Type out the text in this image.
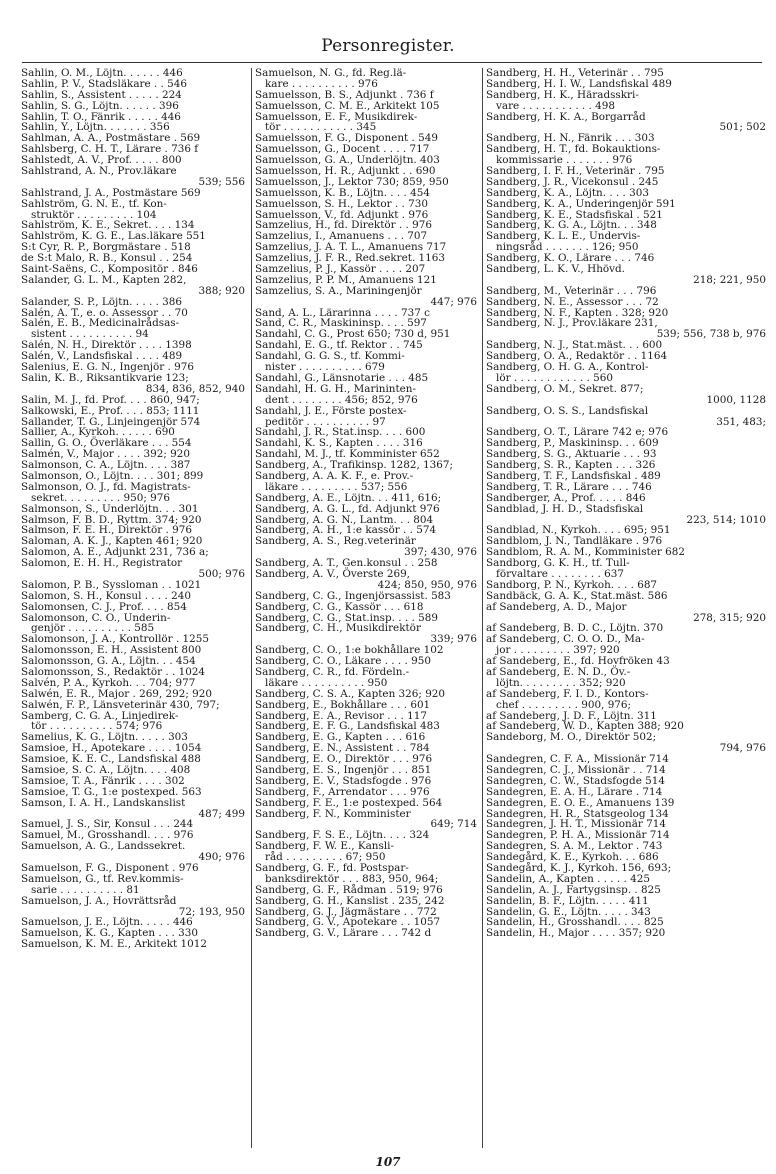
Personregister.
Sahlin, O. M., Löjtn. . . . . . 446
Sahlin, P. V., Stadsläkare . . 546
Sahlin, S., Assistent . . . . . 224
Sahlin, S. G., Löjtn. . . . . . 396
Sahlin, T. O., Fänrik . . . . . 446
Sahlin, Y., Löjtn. . . . . . . 356
Sahlman, A. A., Postmästare . 569
Sahlsberg, C. H. T., Lärare . 736 f
Sahlstedt, A. V., Prof. . . . . 800
Sahlstrand, A. N., Prov.läkare
539; 556
Sahlstrand, J. A., Postmästare 569
Sahlström, G. N. E., tf. Kon-
struktör . . . . . . . . . 104
Sahlström, K. E., Sekret. . . . 134
Sahlström, K. G. E., Las.läkare 551
S:t Cyr, R. P., Borgmästare . 518
de S:t Malo, R. B., Konsul . . 254
Saint-Saëns, C., Kompositör . 846
Salander, G. L. M., Kapten 282,
388; 920
Salander, S. P., Löjtn. . . . . 386
Salén, A. T., e. o. Assessor . . 70
Salén, E. B., Medicinalrådsas-
sistent . . . . . . . . . . 94
Salén, N. H., Direktör . . . . 1398
Salén, V., Landsfiskal . . . . 489
Salenius, E. G. N., Ingenjör . 976
Salin, K. B., Riksantikvarie 123;
834, 836, 852, 940
Salin, M. J., fd. Prof. . . . 860, 947;
Salkowski, E., Prof. . . . 853; 1111
Sallander, T. G., Linjeingenjör 574
Sallier, A., Kyrkoh. . . . . . 690
Sallin, G. O., Överläkare . . . 554
Salmén, V., Major . . . . 392; 920
Salmonson, C. A., Löjtn. . . . 387
Salmonson, O., Löjtn. . . . 301; 899
Salmonson, O. J., fd. Magistrats-
sekret. . . . . . . . . 950; 976
Salmonson, S., Underlöjtn. . . 301
Salmson, F. B. D., Ryttm. 374; 920
Salmson, F. E. H., Direktör . 976
Saloman, A. K. J., Kapten 461; 920
Salomon, A. E., Adjunkt 231, 736 a;
Salomon, E. H. H., Registrator
500; 976
Salomon, P. B., Syssloman . . 1021
Salomon, S. H., Konsul . . . . 240
Salomonsen, C. J., Prof. . . . 854
Salomonson, C. O., Underin-
genjör . . . . . . . . . . 585
Salomonson, J. A., Kontrollör . 1255
Salomonsson, E. H., Assistent 800
Salomonsson, G. A., Löjtn. . . 454
Salomonsson, S., Redaktör . . 1024
Salvén, P. A., Kyrkoh. . . 704; 977
Salwén, E. R., Major . 269, 292; 920
Salwén, F. P., Länsveterinär 430, 797;
Samberg, C. G. A., Linjedirek-
tör . . . . . . . . . . 574; 976
Samelius, K. G., Löjtn. . . . . 303
Samsioe, H., Apotekare . . . . 1054
Samsioe, K. E. C., Landsfiskal 488
Samsioe, S. C. A., Löjtn. . . . 408
Samsioe, T. A., Fänrik . . . . 302
Samsioe, T. G., 1:e postexped. 563
Samson, I. A. H., Landskanslist
487; 499
Samuel, J. S., Sir, Konsul . . . 244
Samuel, M., Grosshandl. . . . 976
Samuelson, A. G., Landssekret.
490; 976
Samuelson, F. G., Disponent . 976
Samuelson, G., tf. Rev.kommis-
sarie . . . . . . . . . . 81
Samuelson, J. A., Hovrättsråd
72; 193, 950
Samuelson, J. E., Löjtn. . . . . 446
Samuelson, K. G., Kapten . . . 330
Samuelson, K. M. E., Arkitekt 1012
Samuelson, N. G., fd. Reg.lä-
kare . . . . . . . . . . 976
Samuelsson, B. S., Adjunkt . 736 f
Samuelsson, C. M. E., Arkitekt 105
Samuelsson, E. F., Musikdirek-
tör . . . . . . . . . . . 345
Samuelsson, F. G., Disponent . 549
Samuelsson, G., Docent . . . . 717
Samuelsson, G. A., Underlöjtn. 403
Samuelsson, H. R., Adjunkt . . 690
Samuelsson, J., Lektor 730; 859, 950
Samuelsson, K. B., Löjtn. . . . 454
Samuelsson, S. H., Lektor . . 730
Samuelsson, V., fd. Adjunkt . 976
Samzelius, H., fd. Direktör . . 976
Samzelius, I., Amanuens . . . 707
Samzelius, J. A. T. L., Amanuens 717
Samzelius, J. F. R., Red.sekret. 1163
Samzelius, P. J., Kassör . . . . 207
Samzelius, P. P. M., Amanuens 121
Samzelius, S. A., Mariningenjör
447; 976
Sand, A. L., Lärarinna . . . . 737 c
Sand, C. R., Maskininsp. . . . 597
Sandahl, C. G., Prost 650; 730 d, 951
Sandahl, E. G., tf. Rektor . . 745
Sandahl, G. G. S., tf. Kommi-
nister . . . . . . . . . . 679
Sandahl, G., Länsnotarie . . . 485
Sandahl, H. G. H., Marininten-
dent . . . . . . . . 456; 852, 976
Sandahl, J. E., Förste postex-
peditör . . . . . . . . . . 97
Sandahl, J. R., Stat.insp. . . . 600
Sandahl, K. S., Kapten . . . . 316
Sandahl, M. J., tf. Komminister 652
Sandberg, A., Trafikinsp. 1282, 1367;
Sandberg, A. A. K. F., e. Prov.-
läkare . . . . . . . . . 537; 556
Sandberg, A. E., Löjtn. . . 411, 616;
Sandberg, A. G. L., fd. Adjunkt 976
Sandberg, A. G. N., Lantm. . . 804
Sandberg, A. H., 1:e kassör . . 574
Sandberg, A. S., Reg.veterinär
397; 430, 976
Sandberg, A. T., Gen.konsul . . 258
Sandberg, A. V., Överste 269,
424; 850, 950, 976
Sandberg, C. G., Ingenjörsassist. 583
Sandberg, C. G., Kassör . . . 618
Sandberg, C. G., Stat.insp. . . . 589
Sandberg, C. H., Musikdirektör
339; 976
Sandberg, C. O., 1:e bokhållare 102
Sandberg, C. O., Läkare . . . . 950
Sandberg, C. R., fd. Fördeln.-
läkare . . . . . . . . . . 950
Sandberg, C. S. A., Kapten 326; 920
Sandberg, E., Bokhållare . . . 601
Sandberg, E. A., Revisor . . . 117
Sandberg, E. F. G., Landsfiskal 483
Sandberg, E. G., Kapten . . . 616
Sandberg, E. N., Assistent . . 784
Sandberg, E. O., Direktör . . . 976
Sandberg, E. S., Ingenjör . . . 851
Sandberg, E. V., Stadsfogde . 976
Sandberg, F., Arrendator . . . 976
Sandberg, F. E., 1:e postexped. 564
Sandberg, F. N., Komminister
649; 714
Sandberg, F. S. E., Löjtn. . . . 324
Sandberg, F. W. E., Kansli-
råd . . . . . . . . . 67; 950
Sandberg, G. F., fd. Postspar-
banksdirektör . . . 883, 950, 964;
Sandberg, G. F., Rådman . 519; 976
Sandberg, G. H., Kanslist . 235, 242
Sandberg, G. J., Jägmästare . . 772
Sandberg, G. V., Apotekare . . 1057
Sandberg, G. V., Lärare . . . 742 d
Sandberg, H. H., Veterinär . . 795
Sandberg, H. I. W., Landsfiskal 489
Sandberg, H. K., Häradsskri-
vare . . . . . . . . . . . 498
Sandberg, H. K. A., Borgarråd
501; 502
Sandberg, H. N., Fänrik . . . 303
Sandberg, H. T., fd. Bokauktions-
kommissarie . . . . . . . 976
Sandberg, I. F. H., Veterinär . 795
Sandberg, J. R., Vicekonsul . 245
Sandberg, K. A., Löjtn. . . . 303
Sandberg, K. A., Underingenjör 591
Sandberg, K. E., Stadsfiskal . 521
Sandberg, K. G. A., Löjtn. . . 348
Sandberg, K. L. E., Undervis-
ningsråd . . . . . . . 126; 950
Sandberg, K. O., Lärare . . . 746
Sandberg, L. K. V., Hhövd.
218; 221, 950
Sandberg, M., Veterinär . . . 796
Sandberg, N. E., Assessor . . . 72
Sandberg, N. F., Kapten . 328; 920
Sandberg, N. J., Prov.läkare 231,
539; 556, 738 b, 976
Sandberg, N. J., Stat.mäst. . . 600
Sandberg, O. A., Redaktör . . 1164
Sandberg, O. H. G. A., Kontrol-
lör . . . . . . . . . . . . 560
Sandberg, O. M., Sekret. 877;
1000, 1128
Sandberg, O. S. S., Landsfiskal
351, 483;
Sandberg, O. T., Lärare 742 e; 976
Sandberg, P., Maskininsp. . . 609
Sandberg, S. G., Aktuarie . . . 93
Sandberg, S. R., Kapten . . . 326
Sandberg, T. F., Landsfiskal . 489
Sandberg, T. R., Lärare . . . 746
Sandberger, A., Prof. . . . . 846
Sandblad, J. H. D., Stadsfiskal
223, 514; 1010
Sandblad, N., Kyrkoh. . . . 695; 951
Sandblom, J. N., Tandläkare . 976
Sandblom, R. A. M., Komminister 682
Sandborg, G. K. H., tf. Tull-
förvaltare . . . . . . . . 637
Sandborg, P. N., Kyrkoh. . . . 687
Sandbäck, G. A. K., Stat.mäst. 586
af Sandeberg, A. D., Major
278, 315; 920
af Sandeberg, B. D. C., Löjtn. 370
af Sandeberg, C. O. O. D., Ma-
jor . . . . . . . . . 397; 920
af Sandeberg, E., fd. Hovfröken 43
af Sandeberg, E. N. D., Öv.-
löjtn. . . . . . . . . 352; 920
af Sandeberg, F. I. D., Kontors-
chef . . . . . . . . . 900, 976;
af Sandeberg, J. D. F., Löjtn. 311
af Sandeberg, W. D., Kapten 388; 920
Sandeborg, M. O., Direktör 502;
794, 976
Sandegren, C. F. A., Missionär 714
Sandegren, C. J., Missionär . . 714
Sandegren, C. W., Stadsfogde 514
Sandegren, E. A. H., Lärare . 714
Sandegren, E. O. E., Amanuens 139
Sandegren, H. R., Statsgeolog 134
Sandegren, J. H. T., Missionär 714
Sandegren, P. H. A., Missionär 714
Sandegren, S. A. M., Lektor . 743
Sandegård, K. E., Kyrkoh. . . 686
Sandegård, K. J., Kyrkoh. 156, 693;
Sandelin, A., Kapten . . . . . 425
Sandelin, A. J., Fartygsinsp. . 825
Sandelin, B. F., Löjtn. . . . . 411
Sandelin, G. E., Löjtn. . . . . 343
Sandelin, H., Grosshandl. . . . 825
Sandelin, H., Major . . . . 357; 920
107
